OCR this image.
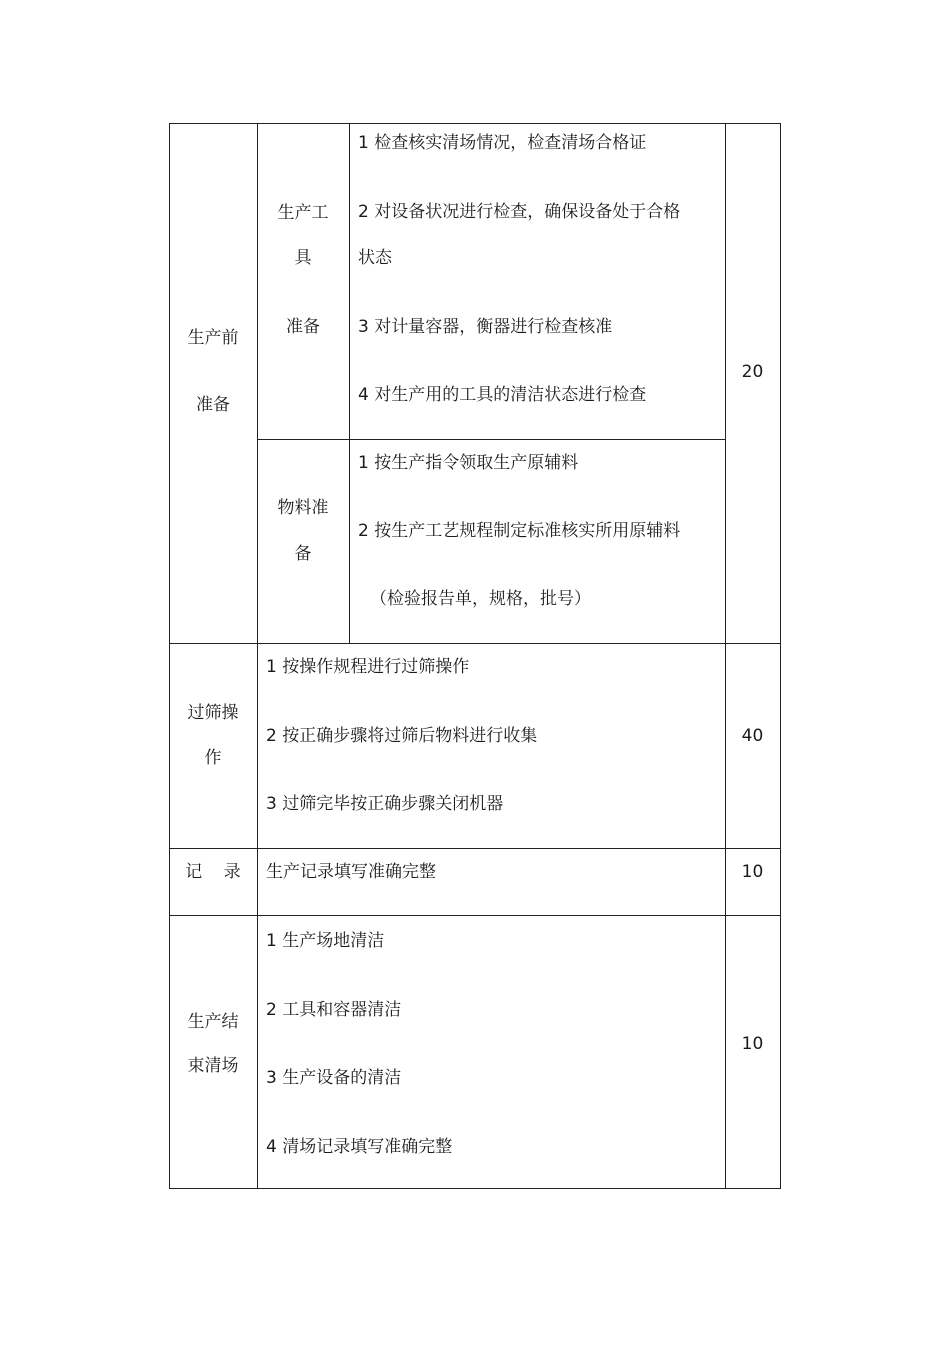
生产前
准备
生产工
具
准备
1 检查核实清场情况，检查清场合格证
2 对设备状况进行检查，确保设备处于合格
状态
3 对计量容器，衡器进行检查核准
4 对生产用的工具的清洁状态进行检查
物料准
备
1 按生产指令领取生产原辅料
2 按生产工艺规程制定标准核实所用原辅料
（检验报告单，规格，批号）
20
过筛操
作
1 按操作规程进行过筛操作
2 按正确步骤将过筛后物料进行收集
3 过筛完毕按正确步骤关闭机器
40
记    录	生产记录填写准确完整	10
生产结
束清场
1 生产场地清洁
2 工具和容器清洁
3 生产设备的清洁
4 清场记录填写准确完整
10
